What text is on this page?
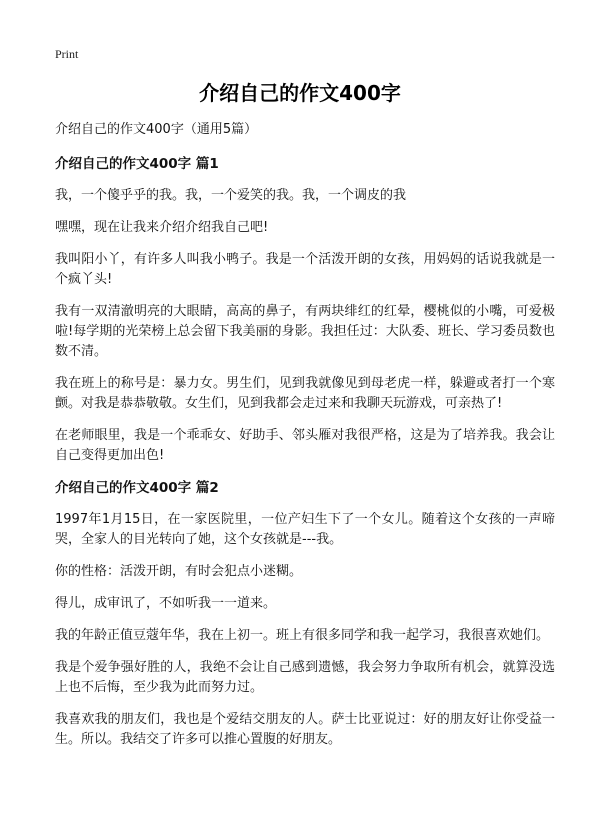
Print
介绍自己的作文400字

介绍自己的作文400字（通用5篇）

介绍自己的作文400字 篇1

我，一个傻乎乎的我。我，一个爱笑的我。我，一个调皮的我

嘿嘿，现在让我来介绍介绍我自己吧!

我叫阳小丫，有许多人叫我小鸭子。我是一个活泼开朗的女孩，用妈妈的话说我就是一个疯丫头!

我有一双清澈明亮的大眼睛，高高的鼻子，有两块绯红的红晕，樱桃似的小嘴，可爱极啦!每学期的光荣榜上总会留下我美丽的身影。我担任过：大队委、班长、学习委员数也数不清。

我在班上的称号是：暴力女。男生们，见到我就像见到母老虎一样，躲避或者打一个寒颤。对我是恭恭敬敬。女生们，见到我都会走过来和我聊天玩游戏，可亲热了!

在老师眼里，我是一个乖乖女、好助手、邻头雁对我很严格，这是为了培养我。我会让自己变得更加出色!

介绍自己的作文400字 篇2

1997年1月15日，在一家医院里，一位产妇生下了一个女儿。随着这个女孩的一声啼哭，全家人的目光转向了她，这个女孩就是---我。

你的性格：活泼开朗，有时会犯点小迷糊。

得儿，成审讯了，不如听我一一道来。

我的年龄正值豆蔻年华，我在上初一。班上有很多同学和我一起学习，我很喜欢她们。

我是个爱争强好胜的人，我绝不会让自己感到遗憾，我会努力争取所有机会，就算没选上也不后悔，至少我为此而努力过。

我喜欢我的朋友们，我也是个爱结交朋友的人。萨士比亚说过：好的朋友好让你受益一生。所以。我结交了许多可以推心置腹的好朋友。
